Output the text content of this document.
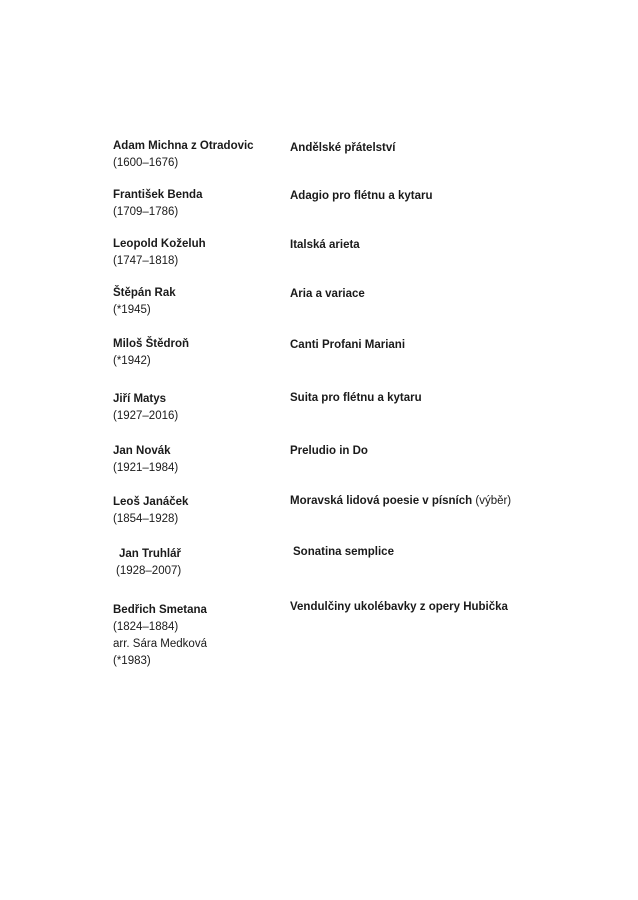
Adam Michna z Otradovic
(1600–1676)
Andělské přátelství
František Benda
(1709–1786)
Adagio pro flétnu a kytaru
Leopold Koželuh
(1747–1818)
Italská arieta
Štěpán Rak
(*1945)
Aria a variace
Miloš Štědroň
(*1942)
Canti Profani Mariani
Jiří Matys
(1927–2016)
Suita pro flétnu a kytaru
Jan Novák
(1921–1984)
Preludio in Do
Leoš Janáček
(1854–1928)
Moravská lidová poesie v písních (výběr)
Jan Truhlář
(1928–2007)
Sonatina semplice
Bedřich Smetana
(1824–1884)
arr. Sára Medková
(*1983)
Vendulčiny ukolébavky z opery Hubička
